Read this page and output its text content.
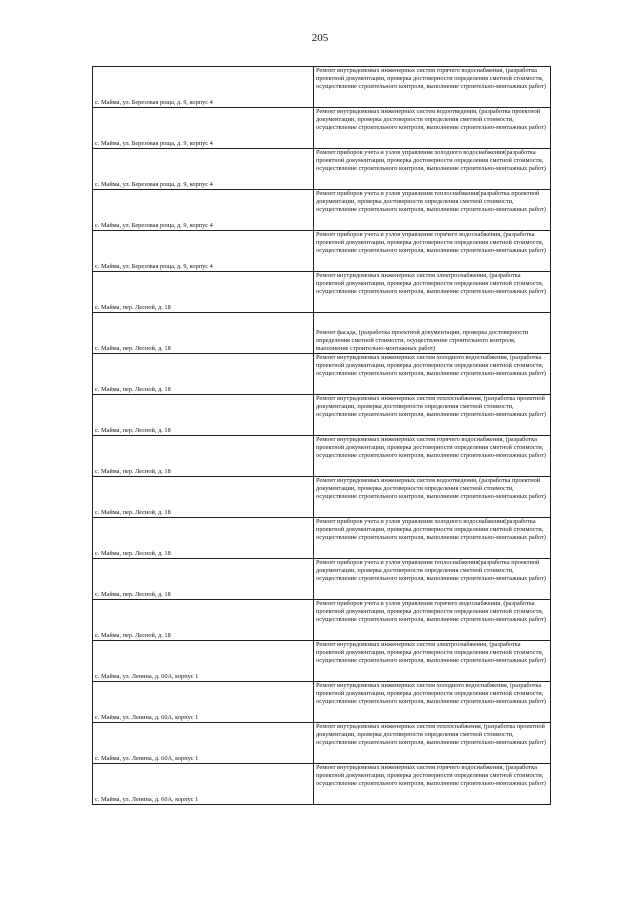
205
с. Майма, ул. Березовая роща, д. 9, корпус 4	Ремонт внутридомовых инженерных систем горячего водоснабжения, (разработка проектной документации, проверка достоверности определения сметной стоимости, осуществление строительного контроля, выполнение строительно-монтажных работ)
с. Майма, ул. Березовая роща, д. 9, корпус 4	Ремонт внутридомовых инженерных систем водоотведения, (разработка проектной документации, проверка достоверности определения сметной стоимости, осуществление строительного контроля, выполнение строительно-монтажных работ)
с. Майма, ул. Березовая роща, д. 9, корпус 4	Ремонт приборов учета и узлов управления холодного водоснабжения(разработка проектной документации, проверка достоверности определения сметной стоимости, осуществление строительного контроля, выполнение строительно-монтажных работ)
с. Майма, ул. Березовая роща, д. 9, корпус 4	Ремонт приборов учета и узлов управления теплоснабжения(разработка проектной документации, проверка достоверности определения сметной стоимости, осуществление строительного контроля, выполнение строительно-монтажных работ)
с. Майма, ул. Березовая роща, д. 9, корпус 4	Ремонт приборов учета и узлов управления горячего водоснабжения, (разработка проектной документации, проверка достоверности определения сметной стоимости, осуществление строительного контроля, выполнение строительно-монтажных работ)
с. Майма, пер. Лесной, д. 18	Ремонт внутридомовых инженерных систем электроснабжения, (разработка проектной документации, проверка достоверности определения сметной стоимости, осуществление строительного контроля, выполнение строительно-монтажных работ)
с. Майма, пер. Лесной, д. 18	Ремонт фасада, (разработка проектной документации, проверка достоверности определения сметной стоимости, осуществление строительного контроля, выполнение строительно-монтажных работ)
с. Майма, пер. Лесной, д. 18	Ремонт внутридомовых инженерных систем холодного водоснабжения, (разработка проектной документации, проверка достоверности определения сметной стоимости, осуществление строительного контроля, выполнение строительно-монтажных работ)
с. Майма, пер. Лесной, д. 18	Ремонт внутридомовых инженерных систем теплоснабжения, (разработка проектной документации, проверка достоверности определения сметной стоимости, осуществление строительного контроля, выполнение строительно-монтажных работ)
с. Майма, пер. Лесной, д. 18	Ремонт внутридомовых инженерных систем горячего водоснабжения, (разработка проектной документации, проверка достоверности определения сметной стоимости, осуществление строительного контроля, выполнение строительно-монтажных работ)
с. Майма, пер. Лесной, д. 18	Ремонт внутридомовых инженерных систем водоотведения, (разработка проектной документации, проверка достоверности определения сметной стоимости, осуществление строительного контроля, выполнение строительно-монтажных работ)
с. Майма, пер. Лесной, д. 18	Ремонт приборов учета и узлов управления холодного водоснабжения(разработка проектной документации, проверка достоверности определения сметной стоимости, осуществление строительного контроля, выполнение строительно-монтажных работ)
с. Майма, пер. Лесной, д. 18	Ремонт приборов учета и узлов управления теплоснабжения(разработка проектной документации, проверка достоверности определения сметной стоимости, осуществление строительного контроля, выполнение строительно-монтажных работ)
с. Майма, пер. Лесной, д. 18	Ремонт приборов учета и узлов управления горячего водоснабжения, (разработка проектной документации, проверка достоверности определения сметной стоимости, осуществление строительного контроля, выполнение строительно-монтажных работ)
с. Майма, ул. Ленина, д. 60А, корпус 1	Ремонт внутридомовых инженерных систем электроснабжения, (разработка проектной документации, проверка достоверности определения сметной стоимости, осуществление строительного контроля, выполнение строительно-монтажных работ)
с. Майма, ул. Ленина, д. 60А, корпус 1	Ремонт внутридомовых инженерных систем холодного водоснабжения, (разработка проектной документации, проверка достоверности определения сметной стоимости, осуществление строительного контроля, выполнение строительно-монтажных работ)
с. Майма, ул. Ленина, д. 60А, корпус 1	Ремонт внутридомовых инженерных систем теплоснабжения, (разработка проектной документации, проверка достоверности определения сметной стоимости, осуществление строительного контроля, выполнение строительно-монтажных работ)
с. Майма, ул. Ленина, д. 60А, корпус 1	Ремонт внутридомовых инженерных систем горячего водоснабжения, (разработка проектной документации, проверка достоверности определения сметной стоимости, осуществление строительного контроля, выполнение строительно-монтажных работ)
